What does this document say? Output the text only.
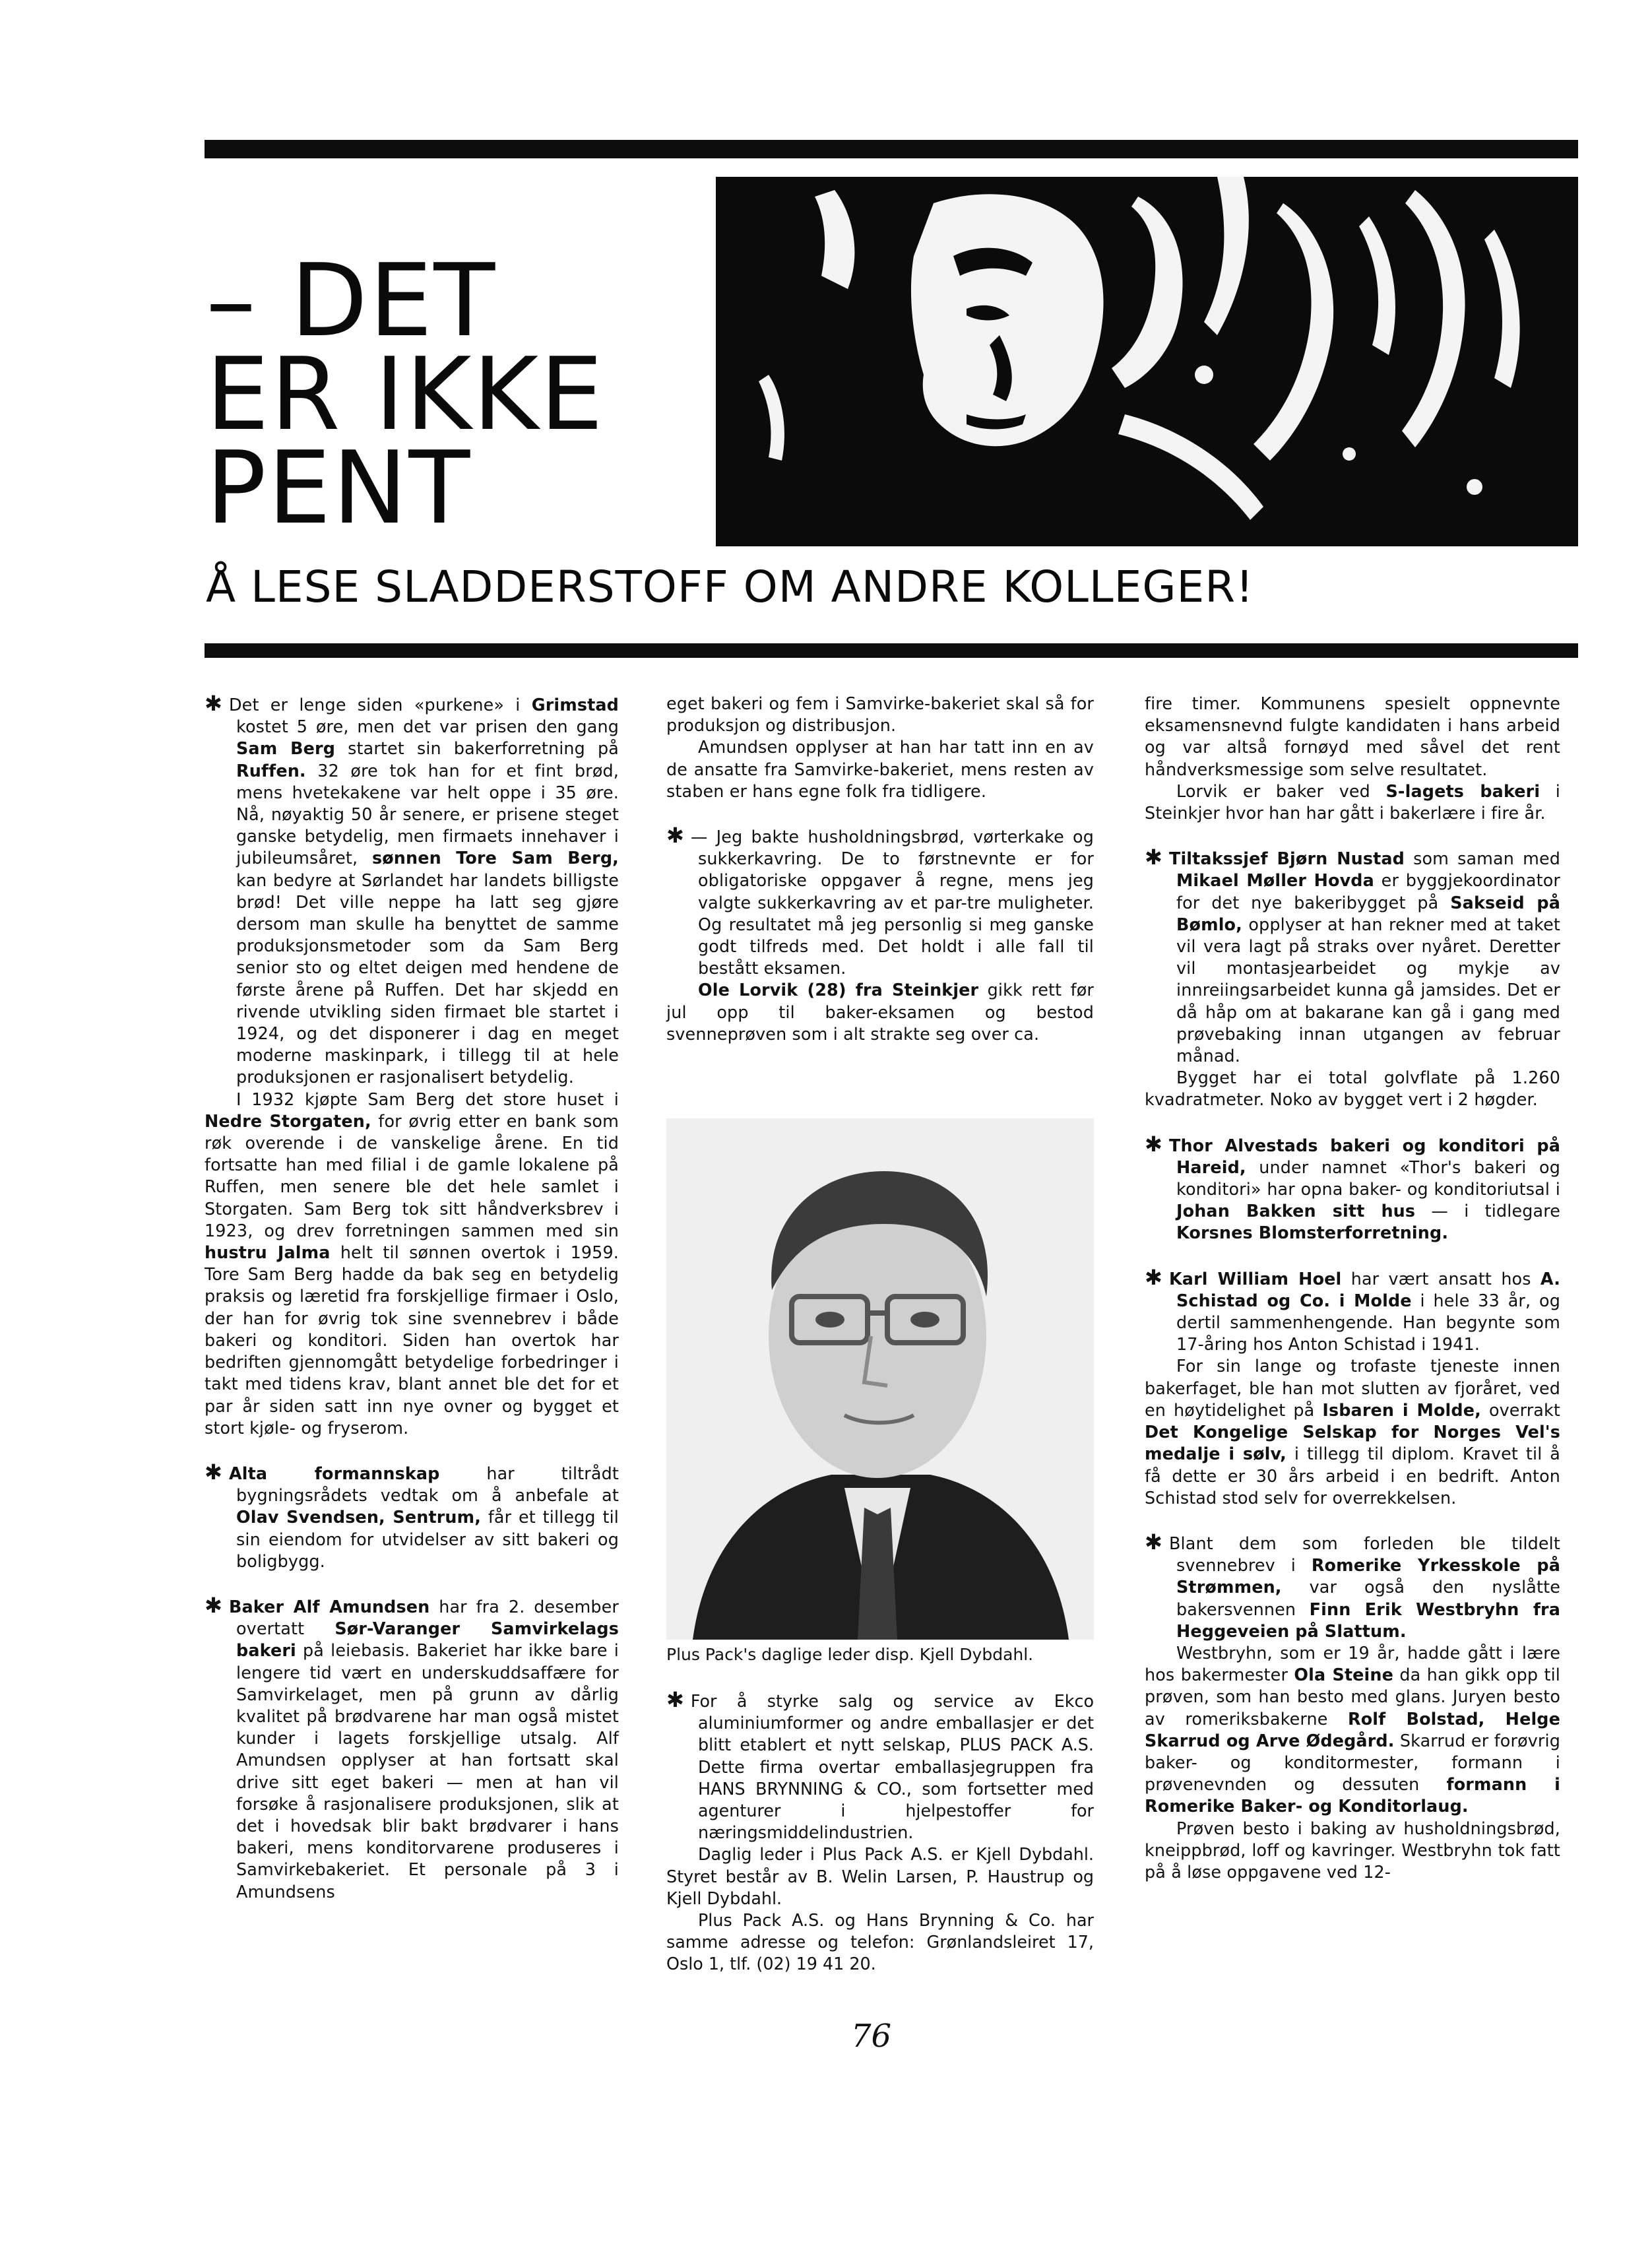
– DET
ER IKKE
PENT
Å LESE SLADDERSTOFF OM ANDRE KOLLEGER!

✱ Det er lenge siden «purkene» i Grimstad kostet 5 øre, men det var prisen den gang Sam Berg startet sin bakerforretning på Ruffen. 32 øre tok han for et fint brød, mens hvetekakene var helt oppe i 35 øre. Nå, nøyaktig 50 år senere, er prisene steget ganske betydelig, men firmaets innehaver i jubileumsåret, sønnen Tore Sam Berg, kan bedyre at Sørlandet har landets billigste brød! Det ville neppe ha latt seg gjøre dersom man skulle ha benyttet de samme produksjonsmetoder som da Sam Berg senior sto og eltet deigen med hendene de første årene på Ruffen. Det har skjedd en rivende utvikling siden firmaet ble startet i 1924, og det disponerer i dag en meget moderne maskinpark, i tillegg til at hele produksjonen er rasjonalisert betydelig.

I 1932 kjøpte Sam Berg det store huset i Nedre Storgaten, for øvrig etter en bank som røk overende i de vanskelige årene. En tid fortsatte han med filial i de gamle lokalene på Ruffen, men senere ble det hele samlet i Storgaten. Sam Berg tok sitt håndverksbrev i 1923, og drev forretningen sammen med sin hustru Jalma helt til sønnen overtok i 1959. Tore Sam Berg hadde da bak seg en betydelig praksis og læretid fra forskjellige firmaer i Oslo, der han for øvrig tok sine svennebrev i både bakeri og konditori. Siden han overtok har bedriften gjennomgått betydelige forbedringer i takt med tidens krav, blant annet ble det for et par år siden satt inn nye ovner og bygget et stort kjøle- og fryserom.

✱ Alta formannskap har tiltrådt bygningsrådets vedtak om å anbefale at Olav Svendsen, Sentrum, får et tillegg til sin eiendom for utvidelser av sitt bakeri og boligbygg.

✱ Baker Alf Amundsen har fra 2. desember overtatt Sør-Varanger Samvirkelags bakeri på leiebasis. Bakeriet har ikke bare i lengere tid vært en underskuddsaffære for Samvirkelaget, men på grunn av dårlig kvalitet på brødvarene har man også mistet kunder i lagets forskjellige utsalg. Alf Amundsen opplyser at han fortsatt skal drive sitt eget bakeri — men at han vil forsøke å rasjonalisere produksjonen, slik at det i hovedsak blir bakt brødvarer i hans bakeri, mens konditorvarene produseres i Samvirkebakeriet. Et personale på 3 i Amundsens

eget bakeri og fem i Samvirke-bakeriet skal så for produksjon og distribusjon.

Amundsen opplyser at han har tatt inn en av de ansatte fra Samvirke-bakeriet, mens resten av staben er hans egne folk fra tidligere.

✱ — Jeg bakte husholdningsbrød, vørterkake og sukkerkavring. De to førstnevnte er for obligatoriske oppgaver å regne, mens jeg valgte sukkerkavring av et par-tre muligheter. Og resultatet må jeg personlig si meg ganske godt tilfreds med. Det holdt i alle fall til bestått eksamen.

Ole Lorvik (28) fra Steinkjer gikk rett før jul opp til baker-eksamen og bestod svenneprøven som i alt strakte seg over ca.

Plus Pack's daglige leder disp. Kjell Dybdahl.

✱ For å styrke salg og service av Ekco aluminiumformer og andre emballasjer er det blitt etablert et nytt selskap, PLUS PACK A.S. Dette firma overtar emballasjegruppen fra HANS BRYNNING & CO., som fortsetter med agenturer i hjelpestoffer for næringsmiddelindustrien.

Daglig leder i Plus Pack A.S. er Kjell Dybdahl. Styret består av B. Welin Larsen, P. Haustrup og Kjell Dybdahl.

Plus Pack A.S. og Hans Brynning & Co. har samme adresse og telefon: Grønlandsleiret 17, Oslo 1, tlf. (02) 19 41 20.

fire timer. Kommunens spesielt oppnevnte eksamensnevnd fulgte kandidaten i hans arbeid og var altså fornøyd med såvel det rent håndverksmessige som selve resultatet.

Lorvik er baker ved S-lagets bakeri i Steinkjer hvor han har gått i bakerlære i fire år.

✱ Tiltakssjef Bjørn Nustad som saman med Mikael Møller Hovda er byggjekoordinator for det nye bakeribygget på Sakseid på Bømlo, opplyser at han rekner med at taket vil vera lagt på straks over nyåret. Deretter vil montasjearbeidet og mykje av innreiingsarbeidet kunna gå jamsides. Det er då håp om at bakarane kan gå i gang med prøvebaking innan utgangen av februar månad.

Bygget har ei total golvflate på 1.260 kvadratmeter. Noko av bygget vert i 2 høgder.

✱ Thor Alvestads bakeri og konditori på Hareid, under namnet «Thor's bakeri og konditori» har opna baker- og konditoriutsal i Johan Bakken sitt hus — i tidlegare Korsnes Blomsterforretning.

✱ Karl William Hoel har vært ansatt hos A. Schistad og Co. i Molde i hele 33 år, og dertil sammenhengende. Han begynte som 17-åring hos Anton Schistad i 1941.

For sin lange og trofaste tjeneste innen bakerfaget, ble han mot slutten av fjoråret, ved en høytidelighet på Isbaren i Molde, overrakt Det Kongelige Selskap for Norges Vel's medalje i sølv, i tillegg til diplom. Kravet til å få dette er 30 års arbeid i en bedrift. Anton Schistad stod selv for overrekkelsen.

✱ Blant dem som forleden ble tildelt svennebrev i Romerike Yrkesskole på Strømmen, var også den nyslåtte bakersvennen Finn Erik Westbryhn fra Heggeveien på Slattum.

Westbryhn, som er 19 år, hadde gått i lære hos bakermester Ola Steine da han gikk opp til prøven, som han besto med glans. Juryen besto av romeriksbakerne Rolf Bolstad, Helge Skarrud og Arve Ødegård. Skarrud er forøvrig baker- og konditormester, formann i prøvenevnden og dessuten formann i Romerike Baker- og Konditorlaug.

Prøven besto i baking av husholdningsbrød, kneippbrød, loff og kavringer. Westbryhn tok fatt på å løse oppgavene ved 12-

76
